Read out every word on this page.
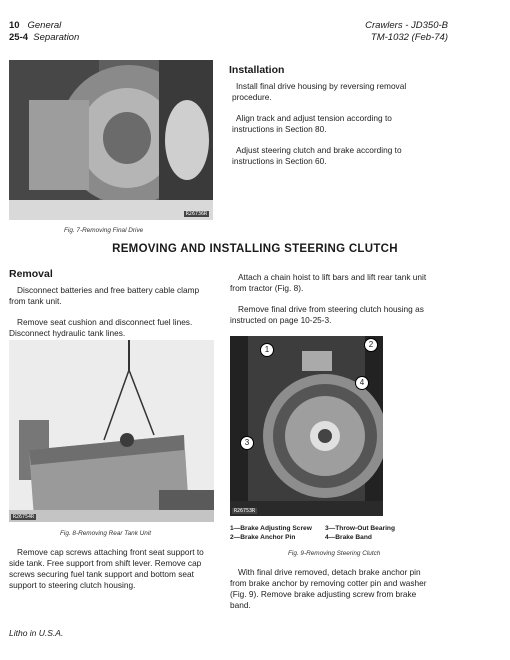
10 General
25-4 Separation
Crawlers - JD350-B
TM-1032 (Feb-74)
R26736R
Fig. 7-Removing Final Drive
Installation

Install final drive housing by reversing removal procedure.

Align track and adjust tension according to instructions in Section 80.

Adjust steering clutch and brake according to instructions in Section 60.

REMOVING AND INSTALLING STEERING CLUTCH
Removal

Disconnect batteries and free battery cable clamp from tank unit.

Remove seat cushion and disconnect fuel lines. Disconnect hydraulic tank lines.

R26754R
Fig. 8-Removing Rear Tank Unit
Remove cap screws attaching front seat support to side tank. Free support from shift lever. Remove cap screws securing fuel tank support and bottom seat support to steering clutch housing.

Attach a chain hoist to lift bars and lift rear tank unit from tractor (Fig. 8).

Remove final drive from steering clutch housing as instructed on page 10-25-3.

1
2
3
4
R26753R
1—Brake Adjusting Screw
2—Brake Anchor Pin
3—Throw-Out Bearing
4—Brake Band
Fig. 9-Removing Steering Clutch
With final drive removed, detach brake anchor pin from brake anchor by removing cotter pin and washer (Fig. 9). Remove brake adjusting screw from brake band.
Litho in U.S.A.
